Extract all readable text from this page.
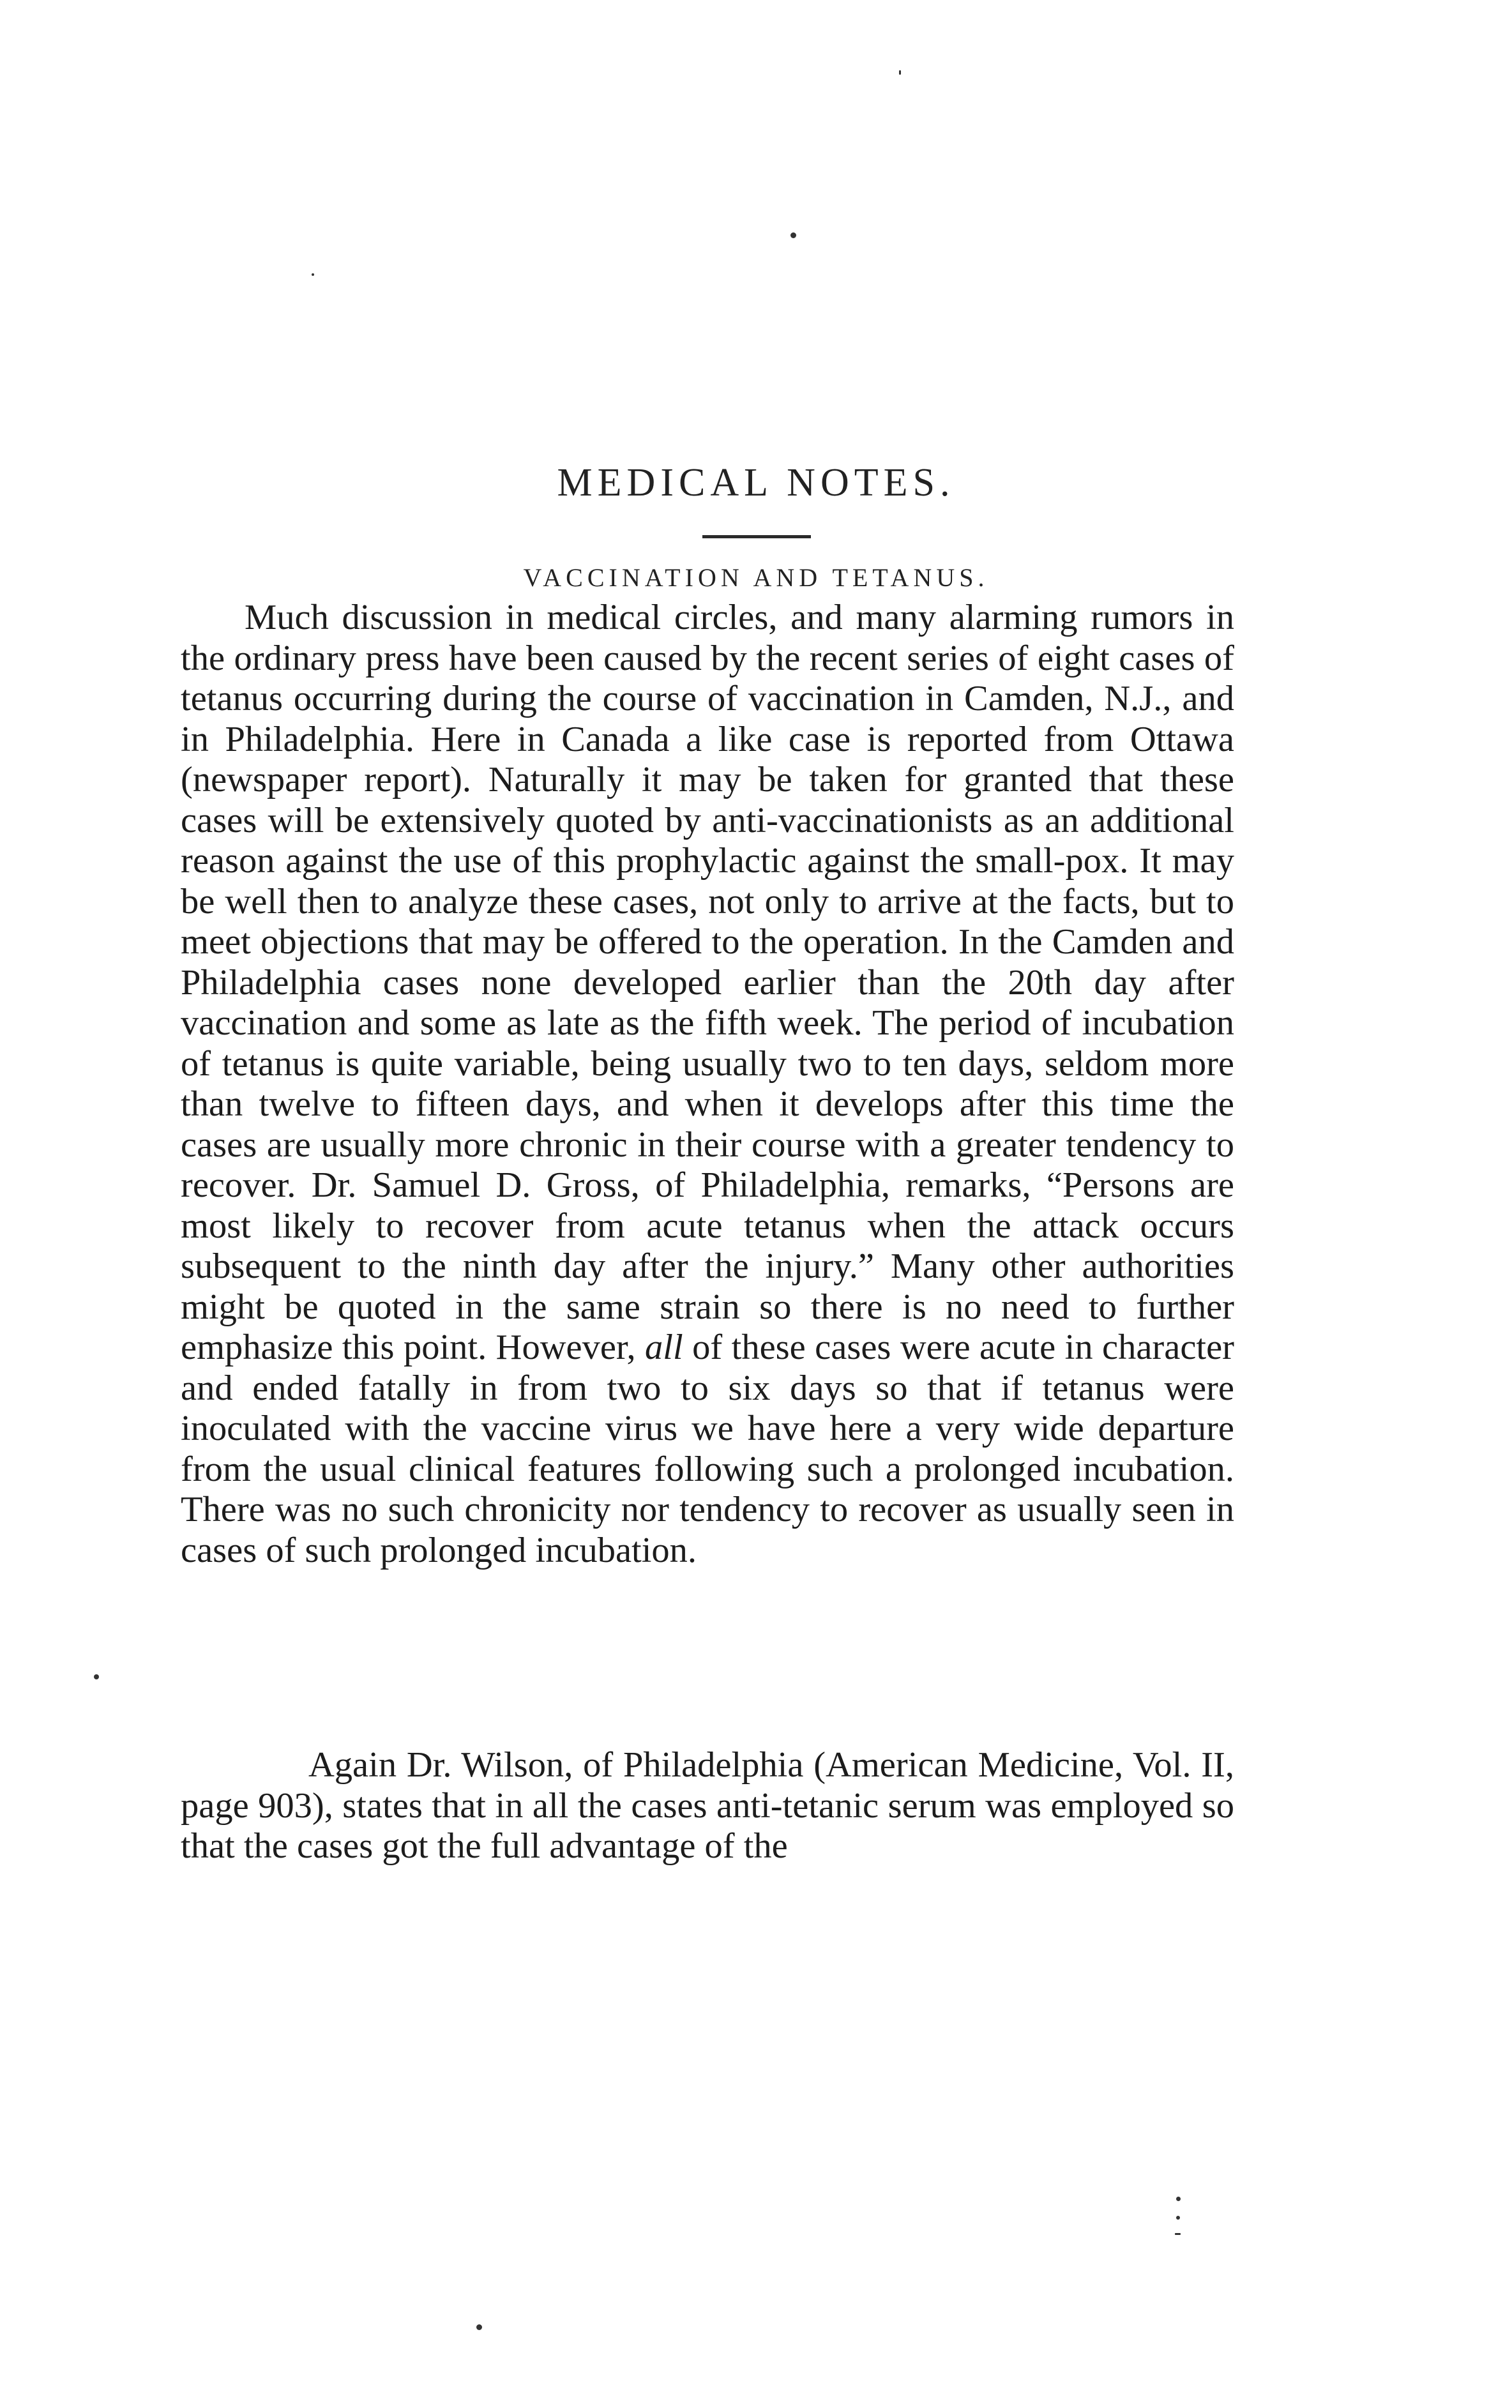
MEDICAL NOTES.
VACCINATION AND TETANUS.

Much discussion in medical circles, and many alarming rumors in the ordinary press have been caused by the recent series of eight cases of tetanus occurring during the course of vaccination in Camden, N.J., and in Philadelphia. Here in Canada a like case is reported from Ottawa (newspaper report). Naturally it may be taken for granted that these cases will be extensively quoted by anti-vaccinationists as an additional reason against the use of this prophylactic against the small-pox. It may be well then to analyze these cases, not only to arrive at the facts, but to meet objections that may be offered to the operation. In the Camden and Philadelphia cases none developed earlier than the 20th day after vaccination and some as late as the fifth week. The period of incubation of tetanus is quite variable, being usually two to ten days, seldom more than twelve to fifteen days, and when it develops after this time the cases are usually more chronic in their course with a greater tendency to recover. Dr. Samuel D. Gross, of Philadelphia, remarks, “Persons are most likely to recover from acute tetanus when the attack occurs subsequent to the ninth day after the injury.” Many other authorities might be quoted in the same strain so there is no need to further emphasize this point. However, all of these cases were acute in character and ended fatally in from two to six days so that if tetanus were inoculated with the vaccine virus we have here a very wide departure from the usual clinical features following such a prolonged incubation. There was no such chronicity nor tendency to recover as usually seen in cases of such prolonged incubation.

Again Dr. Wilson, of Philadelphia (American Medicine, Vol. II, page 903), states that in all the cases anti-tetanic serum was employed so that the cases got the full advantage of the
